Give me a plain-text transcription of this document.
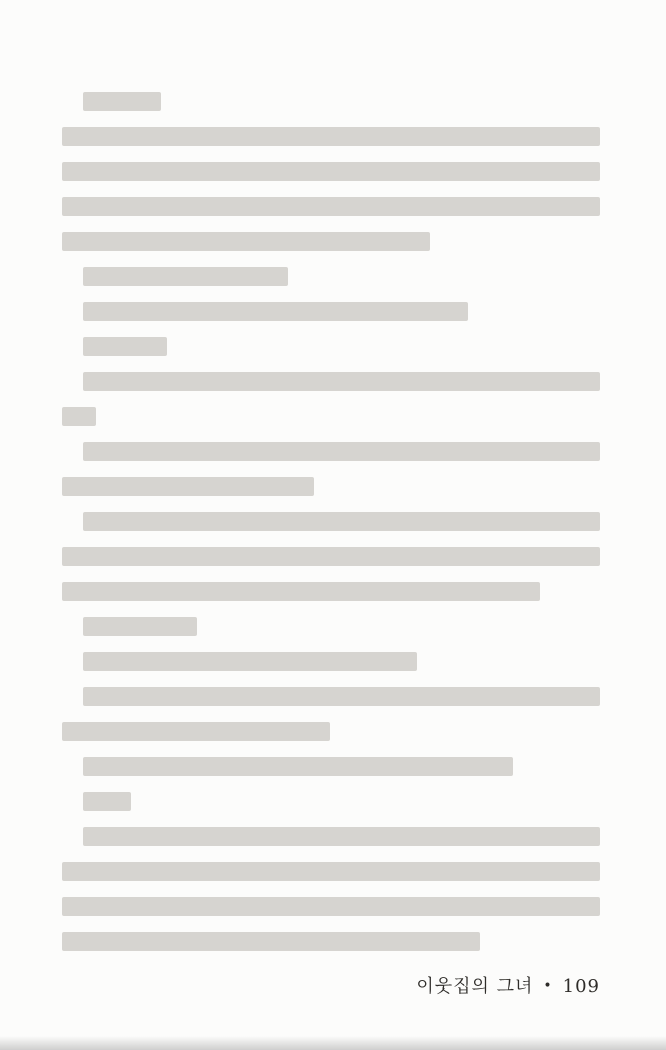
이웃집의 그녀 • 109
